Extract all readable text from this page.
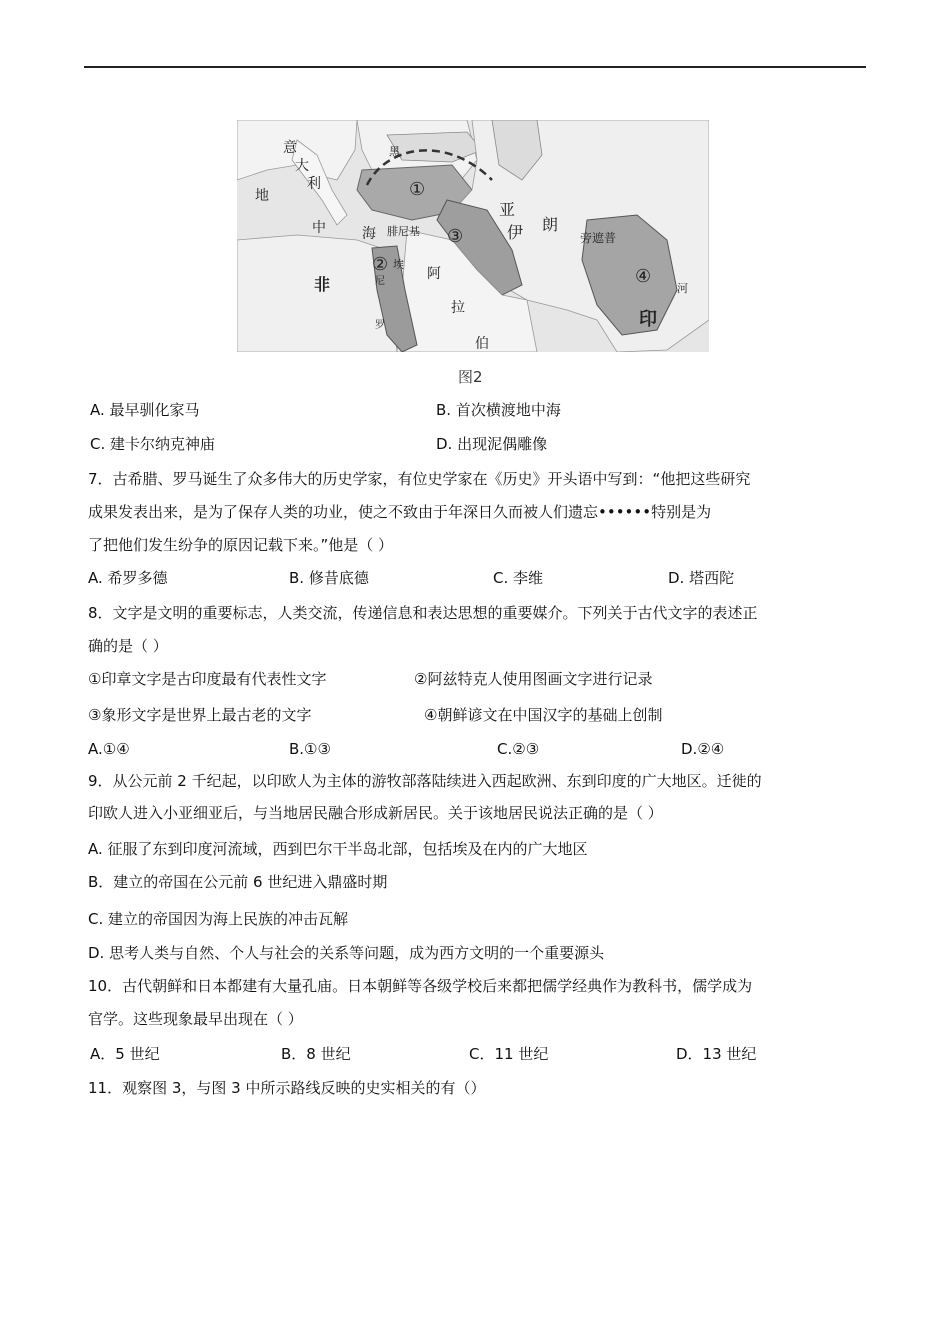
意
大
利
地
中	海
黑
腓尼基
埃
尼
罗
非
阿
拉
伯
亚
伊 朗
旁遮普
印
河
①
②
③
④
图2
A. 最早驯化家马	B. 首次横渡地中海
C. 建卡尔纳克神庙	D. 出现泥偶雕像
7．古希腊、罗马诞生了众多伟大的历史学家，有位史学家在《历史》开头语中写到：“他把这些研究
成果发表出来，是为了保存人类的功业，使之不致由于年深日久而被人们遗忘••••••特别是为
了把他们发生纷争的原因记载下来。”他是（ ）
A. 希罗多德	B. 修昔底德	C. 李维	D. 塔西陀
8．文字是文明的重要标志，人类交流，传递信息和表达思想的重要媒介。下列关于古代文字的表述正
确的是（ ）
①印章文字是古印度最有代表性文字	②阿兹特克人使用图画文字进行记录
③象形文字是世界上最古老的文字	④朝鲜谚文在中国汉字的基础上创制
A.①④	B.①③	C.②③	D.②④
9．从公元前 2 千纪起，以印欧人为主体的游牧部落陆续进入西起欧洲、东到印度的广大地区。迁徙的
印欧人进入小亚细亚后，与当地居民融合形成新居民。关于该地居民说法正确的是（ ）
A. 征服了东到印度河流域，西到巴尔干半岛北部，包括埃及在内的广大地区
B．建立的帝国在公元前 6 世纪进入鼎盛时期
C. 建立的帝国因为海上民族的冲击瓦解
D. 思考人类与自然、个人与社会的关系等问题，成为西方文明的一个重要源头
10．古代朝鲜和日本都建有大量孔庙。日本朝鲜等各级学校后来都把儒学经典作为教科书，儒学成为
官学。这些现象最早出现在（ ）
A．5 世纪	B．8 世纪	C．11 世纪	D．13 世纪
11．观察图 3，与图 3 中所示路线反映的史实相关的有（）
